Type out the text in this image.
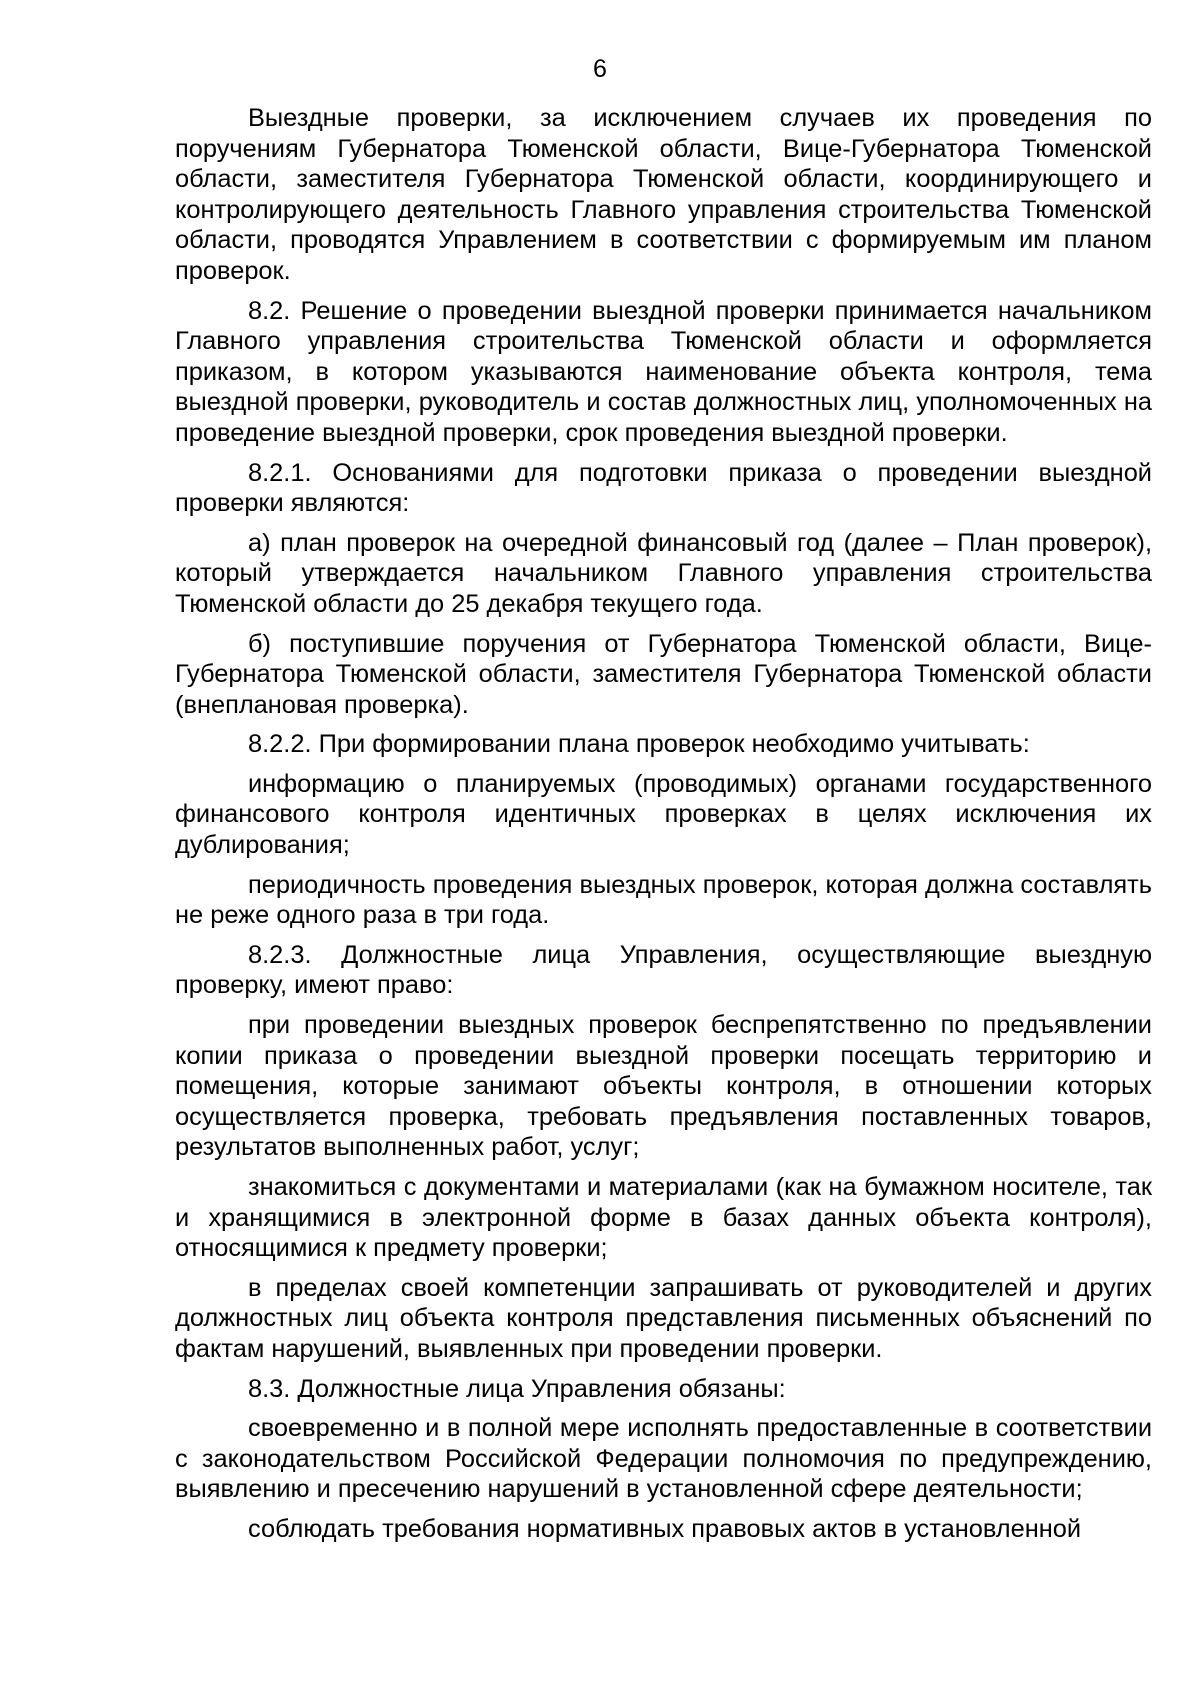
6

Выездные проверки, за исключением случаев их проведения по поручениям Губернатора Тюменской области, Вице-Губернатора Тюменской области, заместителя Губернатора Тюменской области, координирующего и контролирующего деятельность Главного управления строительства Тюменской области, проводятся Управлением в соответствии с формируемым им планом проверок.

8.2. Решение о проведении выездной проверки принимается начальником Главного управления строительства Тюменской области и оформляется приказом, в котором указываются наименование объекта контроля, тема выездной проверки, руководитель и состав должностных лиц, уполномоченных на проведение выездной проверки, срок проведения выездной проверки.

8.2.1. Основаниями для подготовки приказа о проведении выездной проверки являются:

а) план проверок на очередной финансовый год (далее – План проверок), который утверждается начальником Главного управления строительства Тюменской области до 25 декабря текущего года.

б) поступившие поручения от Губернатора Тюменской области, Вице-Губернатора Тюменской области, заместителя Губернатора Тюменской области (внеплановая проверка).

8.2.2. При формировании плана проверок необходимо учитывать:

информацию о планируемых (проводимых) органами государственного финансового контроля идентичных проверках в целях исключения их дублирования;

периодичность проведения выездных проверок, которая должна составлять не реже одного раза в три года.

8.2.3. Должностные лица Управления, осуществляющие выездную проверку, имеют право:

при проведении выездных проверок беспрепятственно по предъявлении копии приказа о проведении выездной проверки посещать территорию и помещения, которые занимают объекты контроля, в отношении которых осуществляется проверка, требовать предъявления поставленных товаров, результатов выполненных работ, услуг;

знакомиться с документами и материалами (как на бумажном носителе, так и хранящимися в электронной форме в базах данных объекта контроля), относящимися к предмету проверки;

в пределах своей компетенции запрашивать от руководителей и других должностных лиц объекта контроля представления письменных объяснений по фактам нарушений, выявленных при проведении проверки.

8.3. Должностные лица Управления обязаны:

своевременно и в полной мере исполнять предоставленные в соответствии с законодательством Российской Федерации полномочия по предупреждению, выявлению и пресечению нарушений в установленной сфере деятельности;

соблюдать требования нормативных правовых актов в установленной
